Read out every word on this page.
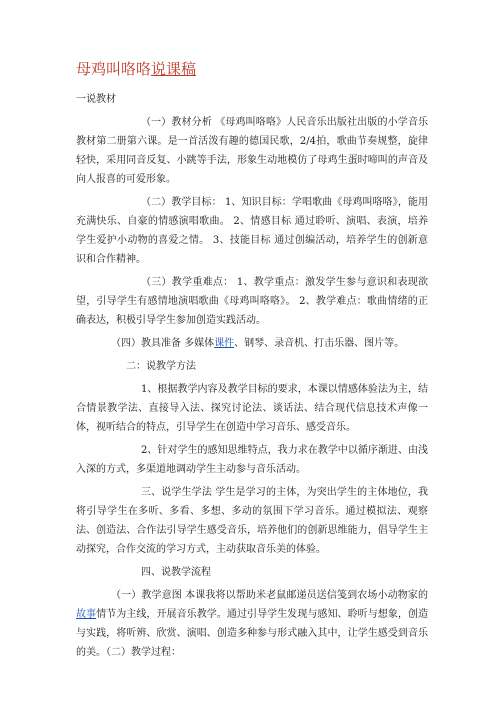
母鸡叫咯咯说课稿
一说教材

（一）教材分析 《母鸡叫咯咯》人民音乐出版社出版的小学音乐教材第二册第六课。是一首活泼有趣的德国民歌，2/4拍，歌曲节奏规整，旋律轻快，采用同音反复、小跳等手法，形象生动地模仿了母鸡生蛋时啼叫的声音及向人报喜的可爱形象。

（二）教学目标： 1、知识目标：学唱歌曲《母鸡叫咯咯》，能用充满快乐、自豪的情感演唱歌曲。 2、情感目标 通过聆听、演唱、表演，培养学生爱护小动物的喜爱之情。 3、技能目标 通过创编活动，培养学生的创新意识和合作精神。

（三）教学重难点： 1、教学重点：激发学生参与意识和表现欲望，引导学生有感情地演唱歌曲《母鸡叫咯咯》。 2、教学难点：歌曲情绪的正确表达，积极引导学生参加创造实践活动。

（四）教具准备 多媒体课件、钢琴、录音机、打击乐器、图片等。

二：说教学方法

1、根据教学内容及教学目标的要求，本课以情感体验法为主，结合情景教学法、直接导入法、探究讨论法、谈话法、结合现代信息技术声像一体，视听结合的特点，引导学生在创造中学习音乐、感受音乐。

2、针对学生的感知思维特点，我力求在教学中以循序渐进、由浅入深的方式，多渠道地调动学生主动参与音乐活动。

三、说学生学法 学生是学习的主体，为突出学生的主体地位，我将引导学生在多听、多看、多想、多动的氛围下学习音乐。通过模拟法、观察法、创造法、合作法引导学生感受音乐，培养他们的创新思维能力，倡导学生主动探究，合作交流的学习方式，主动获取音乐美的体验。

四、说教学流程

（一）教学意图 本课我将以帮助米老鼠邮递员送信笺到农场小动物家的故事情节为主线，开展音乐教学。通过引导学生发现与感知、聆听与想象，创造与实践，将听辨、欣赏、演唱、创造多种参与形式融入其中，让学生感受到音乐的美。（二）教学过程：
